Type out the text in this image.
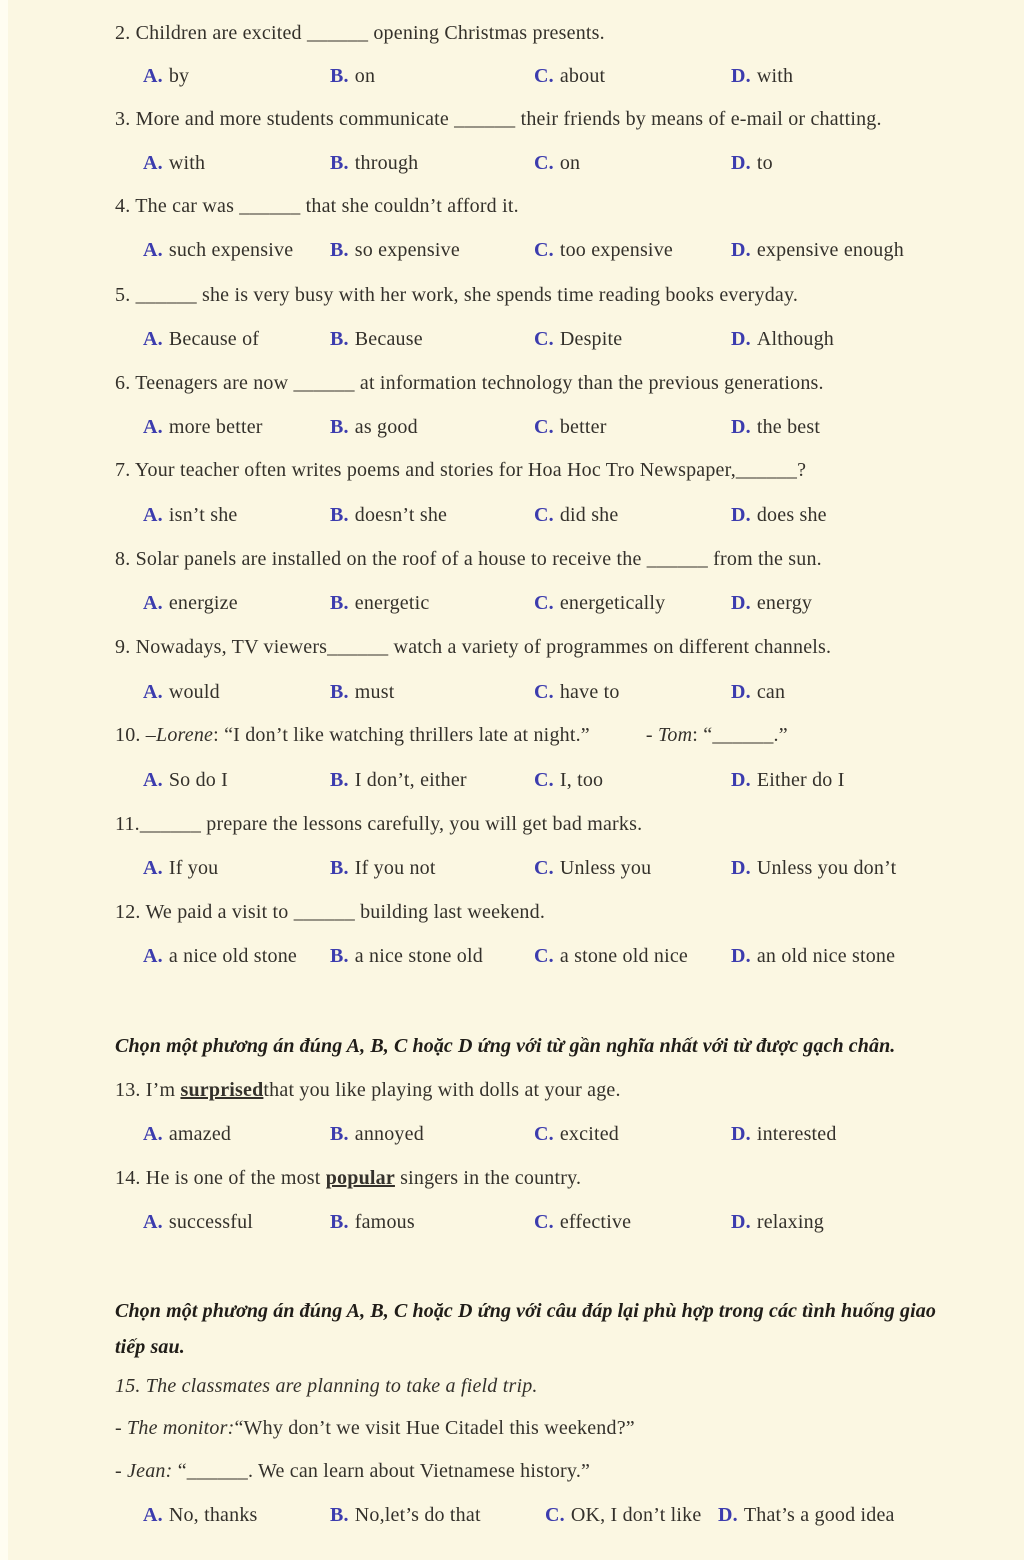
2. Children are excited ______ opening Christmas presents.
A. by	B. on	C. about	D. with
3. More and more students communicate ______ their friends by means of e-mail or chatting.
A. with	B. through	C. on	D. to
4. The car was ______ that she couldn’t afford it.
A. such expensive B. so expensive	C. too expensive	D. expensive enough
5. ______ she is very busy with her work, she spends time reading books everyday.
A. Because of	B. Because	C. Despite	D. Although
6. Teenagers are now ______ at information technology than the previous generations.
A. more better	B. as good	C. better	D. the best
7. Your teacher often writes poems and stories for Hoa Hoc Tro Newspaper,______?
A. isn’t she	B. doesn’t she	C. did she	D. does she
8. Solar panels are installed on the roof of a house to receive the ______ from the sun.
A. energize	B. energetic	C. energetically	D. energy
9. Nowadays, TV viewers______ watch a variety of programmes on different channels.
A. would	B. must	C. have to	D. can
10. –Lorene: “I don’t like watching thrillers late at night.”	- Tom: “______.”
A. So do I	B. I don’t, either	C. I, too	D. Either do I
11.______ prepare the lessons carefully, you will get bad marks.
A. If you	B. If you not	C. Unless you	D. Unless you don’t
12. We paid a visit to ______ building last weekend.
A. a nice old stone B. a nice stone old	C. a stone old nice D. an old nice stone
Chọn một phương án đúng A, B, C hoặc D ứng với từ gần nghĩa nhất với từ được gạch chân.
13. I’m surprisedthat you like playing with dolls at your age.
A. amazed	B. annoyed	C. excited	D. interested
14. He is one of the most popular singers in the country.
A. successful	B. famous	C. effective	D. relaxing
Chọn một phương án đúng A, B, C hoặc D ứng với câu đáp lại phù hợp trong các tình huống giao tiếp sau.
15. The classmates are planning to take a field trip.
- The monitor:“Why don’t we visit Hue Citadel this weekend?”
- Jean: “______. We can learn about Vietnamese history.”
A. No, thanks	B. No,let’s do that	C. OK, I don’t like D. That’s a good idea
